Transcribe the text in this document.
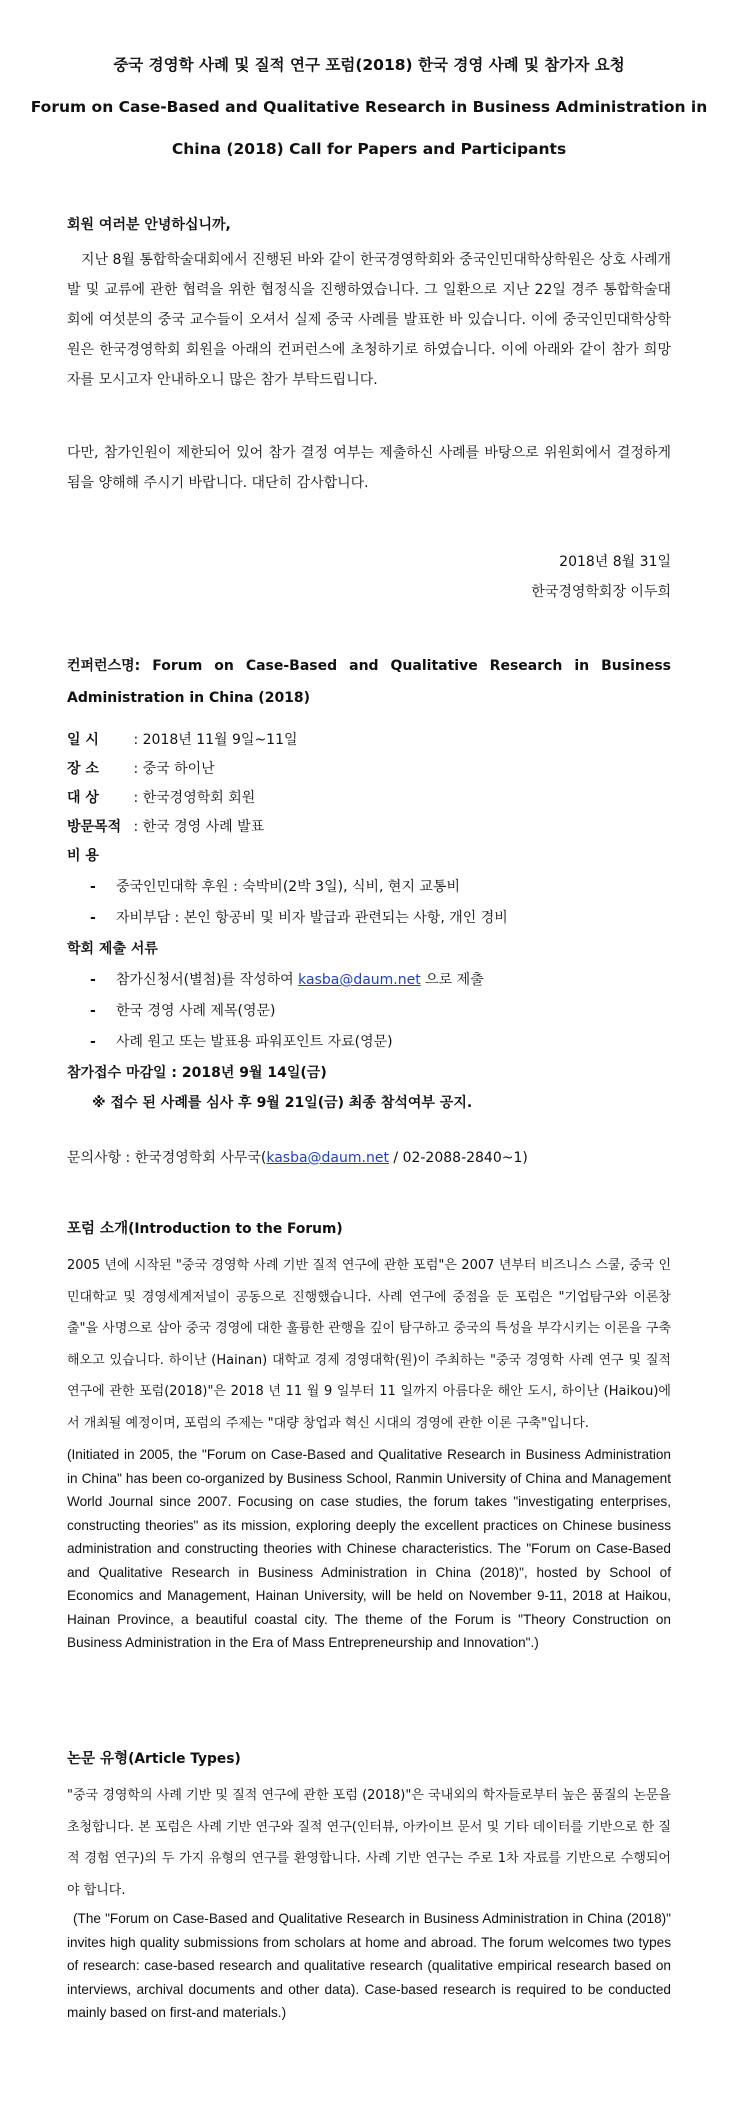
중국 경영학 사례 및 질적 연구 포럼(2018) 한국 경영 사례 및 참가자 요청
Forum on Case-Based and Qualitative Research in Business Administration in
China (2018) Call for Papers and Participants
회원 여러분 안녕하십니까,
지난 8월 통합학술대회에서 진행된 바와 같이 한국경영학회와 중국인민대학상학원은 상호 사례개발 및 교류에 관한 협력을 위한 협정식을 진행하였습니다. 그 일환으로 지난 22일 경주 통합학술대회에 여섯분의 중국 교수들이 오셔서 실제 중국 사례를 발표한 바 있습니다. 이에 중국인민대학상학원은 한국경영학회 회원을 아래의 컨퍼런스에 초청하기로 하였습니다. 이에 아래와 같이 참가 희망자를 모시고자 안내하오니 많은 참가 부탁드립니다.
다만, 참가인원이 제한되어 있어 참가 결정 여부는 제출하신 사례를 바탕으로 위원회에서 결정하게 됨을 양해해 주시기 바랍니다. 대단히 감사합니다.
2018년 8월 31일
한국경영학회장 이두희
컨퍼런스명: Forum on Case-Based and Qualitative Research in Business Administration in China (2018)
일 시 : 2018년 11월 9일~11일
장 소 : 중국 하이난
대 상 : 한국경영학회 회원
방문목적 : 한국 경영 사례 발표
비 용
- 중국인민대학 후원 : 숙박비(2박 3일), 식비, 현지 교통비
- 자비부담 : 본인 항공비 및 비자 발급과 관련되는 사항, 개인 경비
학회 제출 서류
- 참가신청서(별첨)를 작성하여 kasba@daum.net 으로 제출
- 한국 경영 사례 제목(영문)
- 사례 원고 또는 발표용 파워포인트 자료(영문)
참가접수 마감일 : 2018년 9월 14일(금)
※ 접수 된 사례를 심사 후 9월 21일(금) 최종 참석여부 공지.
문의사항 : 한국경영학회 사무국(kasba@daum.net / 02-2088-2840~1)
포럼 소개(Introduction to the Forum)
2005 년에 시작된 "중국 경영학 사례 기반 질적 연구에 관한 포럼"은 2007 년부터 비즈니스 스쿨, 중국 인민대학교 및 경영세계저널이 공동으로 진행했습니다. 사례 연구에 중점을 둔 포럼은 "기업탐구와 이론창출"을 사명으로 삼아 중국 경영에 대한 훌륭한 관행을 깊이 탐구하고 중국의 특성을 부각시키는 이론을 구축해오고 있습니다. 하이난 (Hainan) 대학교 경제 경영대학(원)이 주최하는 "중국 경영학 사례 연구 및 질적 연구에 관한 포럼(2018)"은 2018 년 11 월 9 일부터 11 일까지 아름다운 해안 도시, 하이난 (Haikou)에서 개최될 예정이며, 포럼의 주제는 "대량 창업과 혁신 시대의 경영에 관한 이론 구축"입니다.
(Initiated in 2005, the "Forum on Case-Based and Qualitative Research in Business Administration in China" has been co-organized by Business School, Ranmin University of China and Management World Journal since 2007. Focusing on case studies, the forum takes "investigating enterprises, constructing theories" as its mission, exploring deeply the excellent practices on Chinese business administration and constructing theories with Chinese characteristics. The "Forum on Case-Based and Qualitative Research in Business Administration in China (2018)", hosted by School of Economics and Management, Hainan University, will be held on November 9-11, 2018 at Haikou, Hainan Province, a beautiful coastal city. The theme of the Forum is "Theory Construction on Business Administration in the Era of Mass Entrepreneurship and Innovation".)
논문 유형(Article Types)
"중국 경영학의 사례 기반 및 질적 연구에 관한 포럼 (2018)"은 국내외의 학자들로부터 높은 품질의 논문을 초청합니다. 본 포럼은 사례 기반 연구와 질적 연구(인터뷰, 아카이브 문서 및 기타 데이터를 기반으로 한 질적 경험 연구)의 두 가지 유형의 연구를 환영합니다. 사례 기반 연구는 주로 1차 자료를 기반으로 수행되어야 합니다.
(The "Forum on Case-Based and Qualitative Research in Business Administration in China (2018)" invites high quality submissions from scholars at home and abroad. The forum welcomes two types of research: case-based research and qualitative research (qualitative empirical research based on interviews, archival documents and other data). Case-based research is required to be conducted mainly based on first-and materials.)
